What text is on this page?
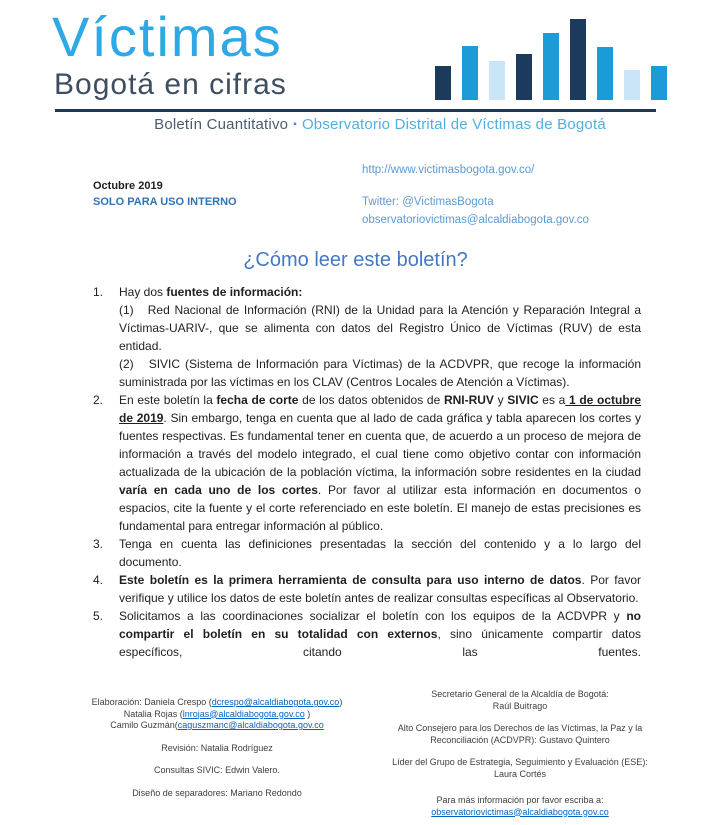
Víctimas
Bogotá en cifras
Boletín Cuantitativo ▪ Observatorio Distrital de Víctimas de Bogotá
Octubre 2019
SOLO PARA USO INTERNO
http://www.victimasbogota.gov.co/
Twitter: @VictimasBogota
observatoriovictimas@alcaldiabogota.gov.co
¿Cómo leer este boletín?
1.	Hay dos fuentes de información:

(1)   Red Nacional de Información (RNI) de la Unidad para la Atención y Reparación Integral a Víctimas-UARIV-, que se alimenta con datos del Registro Único de Víctimas (RUV) de esta entidad.

(2)   SIVIC (Sistema de Información para Víctimas) de la ACDVPR, que recoge la información suministrada por las víctimas en los CLAV (Centros Locales de Atención a Víctimas).

2.	En este boletín la fecha de corte de los datos obtenidos de RNI-RUV y SIVIC es a 1 de octubre de 2019. Sin embargo, tenga en cuenta que al lado de cada gráfica y tabla aparecen los cortes y fuentes respectivas. Es fundamental tener en cuenta que, de acuerdo a un proceso de mejora de información a través del modelo integrado, el cual tiene como objetivo contar con información actualizada de la ubicación de la población víctima, la información sobre residentes en la ciudad varía en cada uno de los cortes. Por favor al utilizar esta información en documentos o espacios, cite la fuente y el corte referenciado en este boletín. El manejo de estas precisiones es fundamental para entregar información al público.

3.	Tenga en cuenta las definiciones presentadas la sección del contenido y a lo largo del documento.

4.	Este boletín es la primera herramienta de consulta para uso interno de datos. Por favor verifique y utilice los datos de este boletín antes de realizar consultas específicas al Observatorio.

5.	Solicitamos a las coordinaciones socializar el boletín con los equipos de la ACDVPR y no compartir el boletín en su totalidad con externos, sino únicamente compartir datos específicos, citando las fuentes.

Elaboración: Daniela Crespo (dcrespo@alcaldiabogota.gov.co)
Natalia Rojas (lnrojas@alcaldiabogota.gov.co )
Camilo Guzmán(caguszmanc@alcaldiabogota.gov.co
Revisión: Natalia Rodríguez
Consultas SIVIC: Edwin Valero.
Diseño de separadores: Mariano Redondo
Secretario General de la Alcaldía de Bogotá:
Raúl Buitrago
Alto Consejero para los Derechos de las Víctimas, la Paz y la
Reconciliación (ACDVPR): Gustavo Quintero
Líder del Grupo de Estrategia, Seguimiento y Evaluación (ESE):
Laura Cortés
Para más información por favor escriba a:
observatoriovictimas@alcaldiabogota.gov.co
